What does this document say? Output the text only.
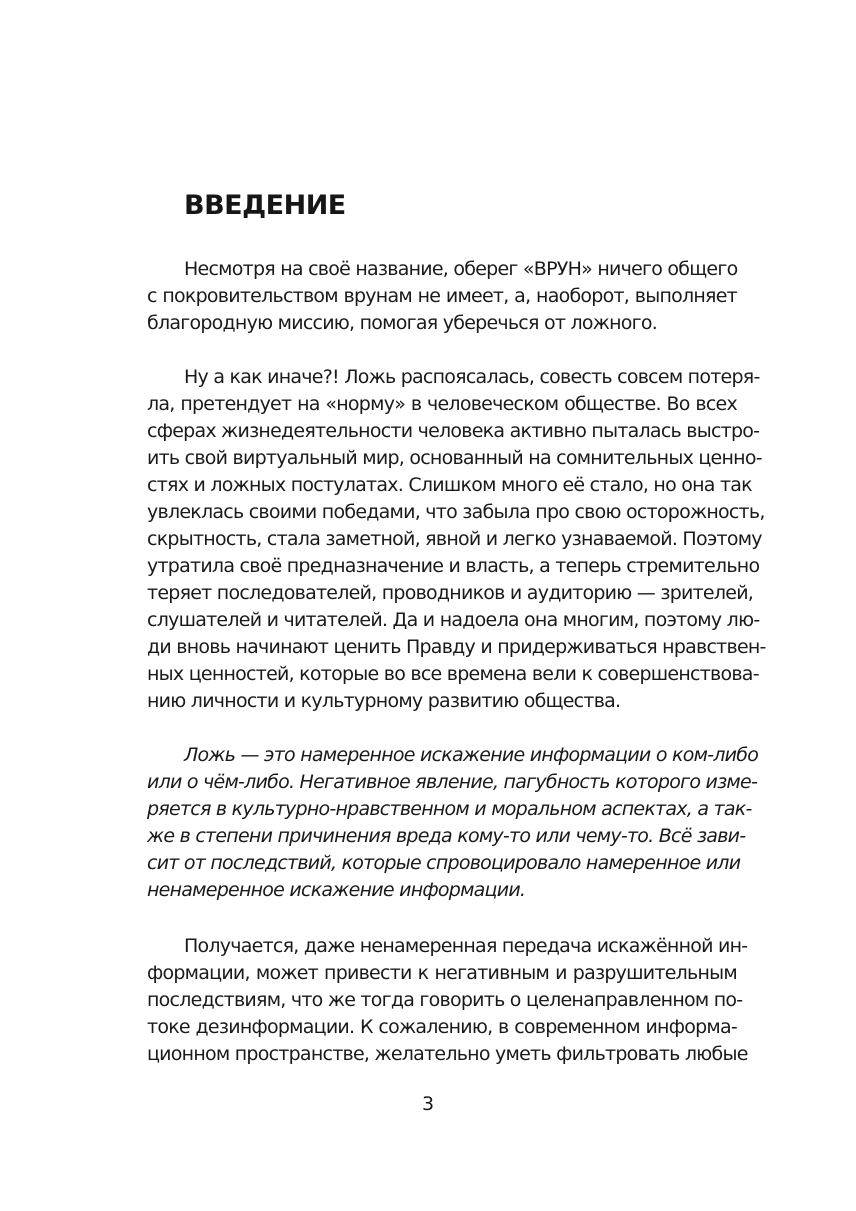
ВВЕДЕНИЕ
Несмотря на своё название, оберег «ВРУН» ничего общего
с покровительством врунам не имеет, а, наоборот, выполняет
благородную миссию, помогая уберечься от ложного.
Ну а как иначе?! Ложь распоясалась, совесть совсем потеря-
ла, претендует на «норму» в человеческом обществе. Во всех
сферах жизнедеятельности человека активно пыталась выстро-
ить свой виртуальный мир, основанный на сомнительных ценно-
стях и ложных постулатах. Слишком много её стало, но она так
увлеклась своими победами, что забыла про свою осторожность,
скрытность, стала заметной, явной и легко узнаваемой. Поэтому
утратила своё предназначение и власть, а теперь стремительно
теряет последователей, проводников и аудиторию — зрителей,
слушателей и читателей. Да и надоела она многим, поэтому лю-
ди вновь начинают ценить Правду и придерживаться нравствен-
ных ценностей, которые во все времена вели к совершенствова-
нию личности и культурному развитию общества.
Ложь — это намеренное искажение информации о ком-либо
или о чём-либо. Негативное явление, пагубность которого изме-
ряется в культурно-нравственном и моральном аспектах, а так-
же в степени причинения вреда кому-то или чему-то. Всё зави-
сит от последствий, которые спровоцировало намеренное или
ненамеренное искажение информации.
Получается, даже ненамеренная передача искажённой ин-
формации, может привести к негативным и разрушительным
последствиям, что же тогда говорить о целенаправленном по-
токе дезинформации. К сожалению, в современном информа-
ционном пространстве, желательно уметь фильтровать любые
3
